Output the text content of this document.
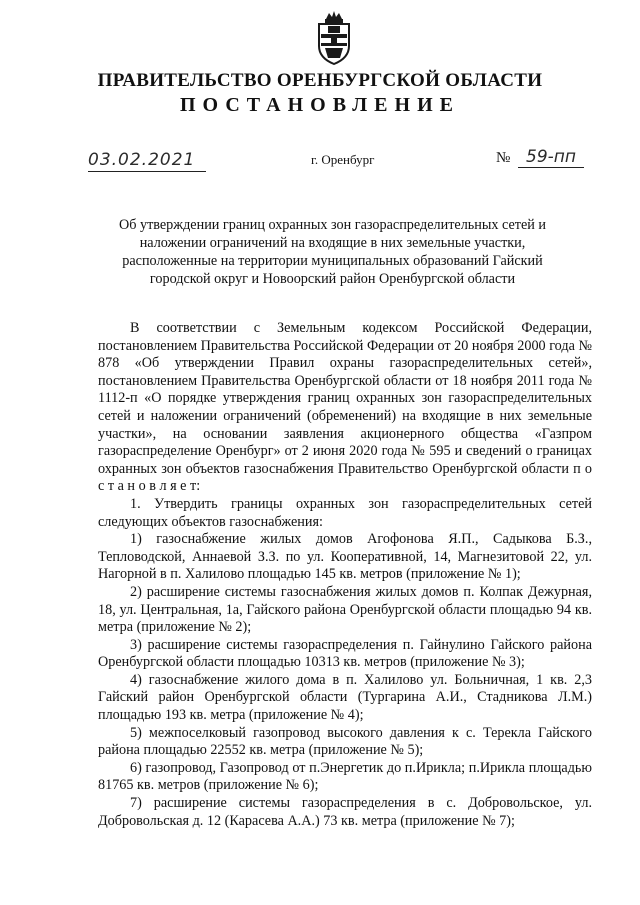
ПРАВИТЕЛЬСТВО ОРЕНБУРГСКОЙ ОБЛАСТИ
ПОСТАНОВЛЕНИЕ
03.02.2021	г. Оренбург	№ 59-пп
Об утверждении границ охранных зон газораспределительных сетей и наложении ограничений на входящие в них земельные участки, расположенные на территории муниципальных образований Гайский городской округ и Новоорский район Оренбургской области

В соответствии с Земельным кодексом Российской Федерации, постановлением Правительства Российской Федерации от 20 ноября 2000 года № 878 «Об утверждении Правил охраны газораспределительных сетей», постановлением Правительства Оренбургской области от 18 ноября 2011 года № 1112-п «О порядке утверждения границ охранных зон газораспределительных сетей и наложении ограничений (обременений) на входящие в них земельные участки», на основании заявления акционерного общества «Газпром газораспределение Оренбург» от 2 июня 2020 года № 595 и сведений о границах охранных зон объектов газоснабжения Правительство Оренбургской области п о с т а н о в л я е т:

1. Утвердить границы охранных зон газораспределительных сетей следующих объектов газоснабжения:

1) газоснабжение жилых домов Агофонова Я.П., Садыкова Б.З., Тепловодской, Аннаевой З.З. по ул. Кооперативной, 14, Магнезитовой 22, ул. Нагорной в п. Халилово площадью 145 кв. метров (приложение № 1);

2) расширение системы газоснабжения жилых домов п. Колпак Дежурная, 18, ул. Центральная, 1а, Гайского района Оренбургской области площадью 94 кв. метра (приложение № 2);

3) расширение системы газораспределения п. Гайнулино Гайского района Оренбургской области площадью 10313 кв. метров (приложение № 3);

4) газоснабжение жилого дома в п. Халилово ул. Больничная, 1 кв. 2,3 Гайский район Оренбургской области (Тургарина А.И., Стадникова Л.М.) площадью 193 кв. метра (приложение № 4);

5) межпоселковый газопровод высокого давления к с. Терекла Гайского района площадью 22552 кв. метра (приложение № 5);

6) газопровод, Газопровод от п.Энергетик до п.Ирикла; п.Ирикла площадью 81765 кв. метров (приложение № 6);

7) расширение системы газораспределения в с. Добровольское, ул. Добровольская д. 12 (Карасева А.А.) 73 кв. метра (приложение № 7);
